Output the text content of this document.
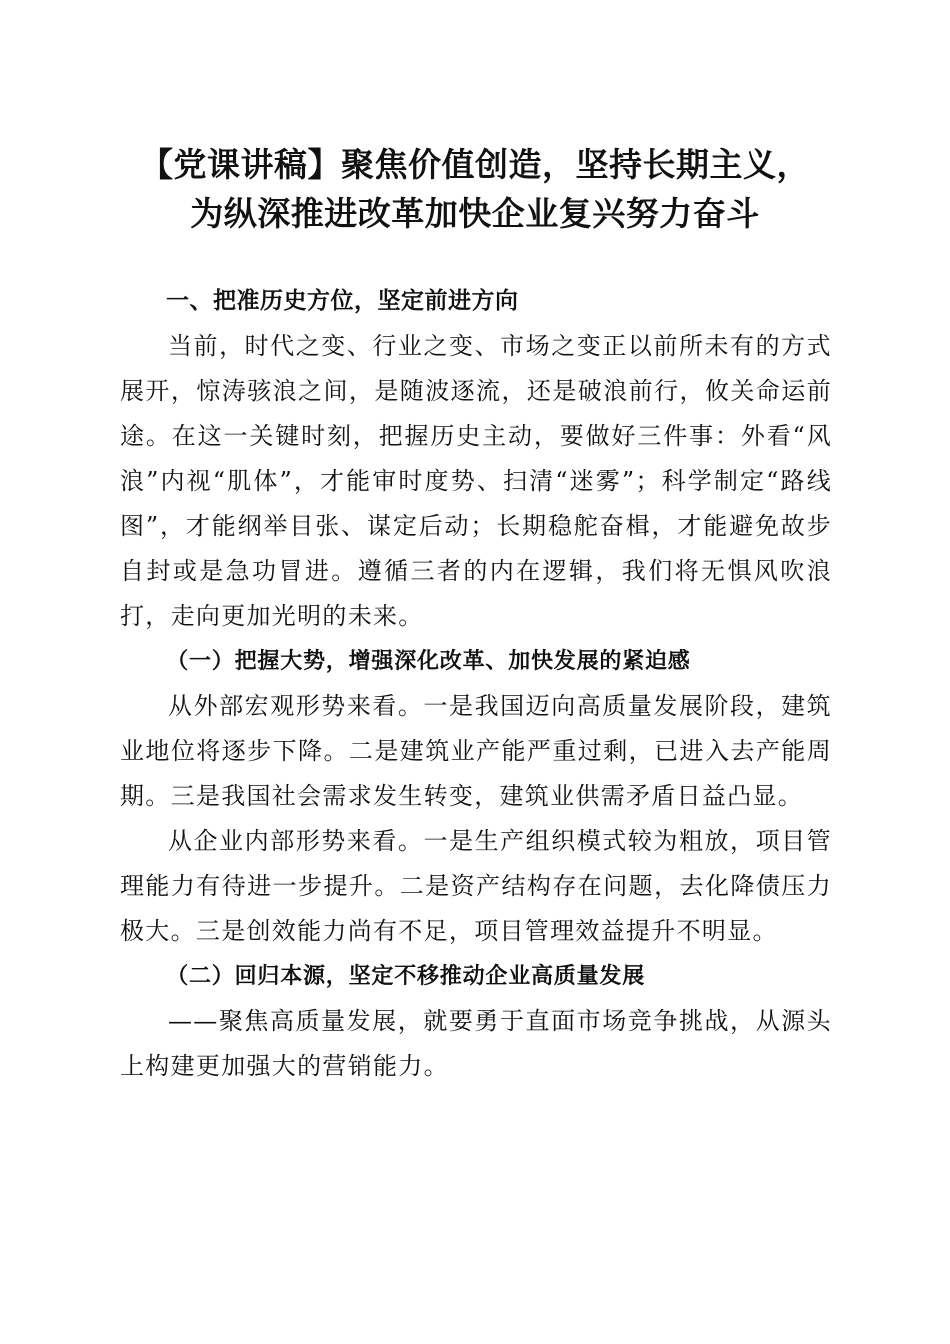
【党课讲稿】聚焦价值创造，坚持长期主义，
为纵深推进改革加快企业复兴努力奋斗

一、把准历史方位，坚定前进方向

当前，时代之变、行业之变、市场之变正以前所未有的方式展开，惊涛骇浪之间，是随波逐流，还是破浪前行，攸关命运前途。在这一关键时刻，把握历史主动，要做好三件事：外看“风浪”内视“肌体”，才能审时度势、扫清“迷雾”；科学制定“路线图”，才能纲举目张、谋定后动；长期稳舵奋楫，才能避免故步自封或是急功冒进。遵循三者的内在逻辑，我们将无惧风吹浪打，走向更加光明的未来。

（一）把握大势，增强深化改革、加快发展的紧迫感

从外部宏观形势来看。一是我国迈向高质量发展阶段，建筑业地位将逐步下降。二是建筑业产能严重过剩，已进入去产能周期。三是我国社会需求发生转变，建筑业供需矛盾日益凸显。

从企业内部形势来看。一是生产组织模式较为粗放，项目管理能力有待进一步提升。二是资产结构存在问题，去化降债压力极大。三是创效能力尚有不足，项目管理效益提升不明显。

（二）回归本源，坚定不移推动企业高质量发展

——聚焦高质量发展，就要勇于直面市场竞争挑战，从源头上构建更加强大的营销能力。
